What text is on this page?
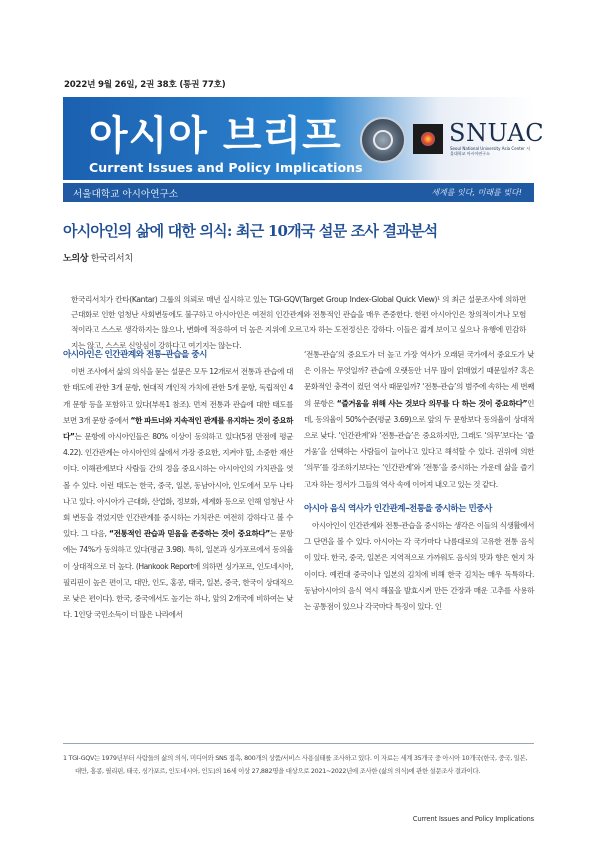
2022년 9월 26일, 2권 38호 (통권 77호)
아시아 브리프
Current Issues and Policy Implications
SNUAC
Seoul National University Asia Center 서울대학교 아시아연구소
서울대학교 아시아연구소	세계를 잇다, 미래를 빚다!
아시아인의 삶에 대한 의식: 최근 10개국 설문 조사 결과분석
노의상 한국리서치
한국리서치가 칸타(Kantar) 그룹의 의뢰로 매년 실시하고 있는 TGI-GQV(Target Group Index-Global Quick View)¹ 의 최근 설문조사에 의하면 근대화로 인한 엄청난 사회변동에도 불구하고 아시아인은 여전히 인간관계와 전통적인 관습을 매우 존중한다. 한편 아시아인은 창의적이거나 모험적이라고 스스로 생각하지는 않으나, 변화에 적응하여 더 높은 지위에 오르고자 하는 도전정신은 강하다. 이들은 젊게 보이고 싶으나 유행에 민감하지는 않고, 스스로 신앙심이 강하다고 여기지는 않는다.
아시아인은 인간관계와 전통–관습을 중시
이번 조사에서 삶의 의식을 묻는 설문은 모두 12개로서 전통과 관습에 대한 태도에 관한 3개 문항, 현대적 개인적 가치에 관한 5개 문항, 독립적인 4개 문항 등을 포함하고 있다(부록1 참조). 먼저 전통과 관습에 대한 태도를 보면 3개 문항 중에서 “한 파트너와 지속적인 관계를 유지하는 것이 중요하다”는 문항에 아시아인들은 80% 이상이 동의하고 있다(5점 만점에 평균 4.22). 인간관계는 아시아인의 삶에서 가장 중요한, 지켜야 할, 소중한 재산이다. 이해관계보다 사람들 간의 정을 중요시하는 아시아인의 가치관을 엿볼 수 있다. 이런 태도는 한국, 중국, 일본, 동남아시아, 인도에서 모두 나타나고 있다. 아시아가 근대화, 산업화, 정보화, 세계화 등으로 인해 엄청난 사회 변동을 겪었지만 인간관계를 중시하는 가치관은 여전히 강하다고 볼 수 있다. 그 다음, “전통적인 관습과 믿음을 존중하는 것이 중요하다”는 문항에는 74%가 동의하고 있다(평균 3.98). 특히, 일본과 싱가포르에서 동의율이 상대적으로 더 높다. (Hankook Report에 의하면 싱가포르, 인도네시아, 필리핀이 높은 편이고, 대만, 인도, 홍콩, 태국, 일본, 중국, 한국이 상대적으로 낮은 편이다). 한국, 중국에서도 높기는 하나, 앞의 2개국에 비하여는 낮다. 1인당 국민소득이 더 많은 나라에서
‘전통-관습’의 중요도가 더 높고 가장 역사가 오래된 국가에서 중요도가 낮은 이유는 무엇일까? 관습에 오랫동안 너무 많이 얽매였기 때문일까? 혹은 문화적인 충격이 컸던 역사 때문일까? ‘전통-관습’의 범주에 속하는 세 번째의 문항은 “즐거움을 위해 사는 것보다 의무를 다 하는 것이 중요하다”인데, 동의율이 50%수준(평균 3.69)으로 앞의 두 문항보다 동의율이 상대적으로 낮다. ‘인간관계’와 ‘전통-관습’은 중요하지만, 그래도 ‘의무’보다는 ‘즐거움’을 선택하는 사람들이 늘어나고 있다고 해석할 수 있다. 권위에 의한 ‘의무’를 강조하기보다는 ‘인간관계’와 ‘전통’을 중시하는 가운데 삶을 즐기고자 하는 정서가 그들의 역사 속에 이어져 내오고 있는 것 같다.
아시아 음식 역사가 인간관계–전통을 중시하는 민중사
아시아인이 인간관계와 전통-관습을 중시하는 생각은 이들의 식생활에서 그 단면을 볼 수 있다. 아시아는 각 국가마다 나름대로의 고유한 전통 음식이 있다. 한국, 중국, 일본은 지역적으로 가까워도 음식의 맛과 향은 현지 차이이다. 예컨대 중국이나 일본의 김치에 비해 한국 김치는 매우 독특하다. 동남아시아의 음식 역시 해물을 발효시켜 만든 간장과 매운 고추를 사용하는 공통점이 있으나 각국마다 특징이 있다. 인
1 TGI-GQV는 1979년부터 사람들의 삶의 의식, 미디어와 SNS 접촉, 800개의 상품/서비스 사용실태를 조사하고 있다. 이 자료는 세계 35개국 중 아시아 10개국(한국, 중국, 일본, 대만, 홍콩, 필리핀, 태국, 싱가포르, 인도네시아, 인도)의 16세 이상 27,882명을 대상으로 2021~2022년에 조사한 (삶의 의식)에 관한 설문조사 결과이다.
Current Issues and Policy Implications
